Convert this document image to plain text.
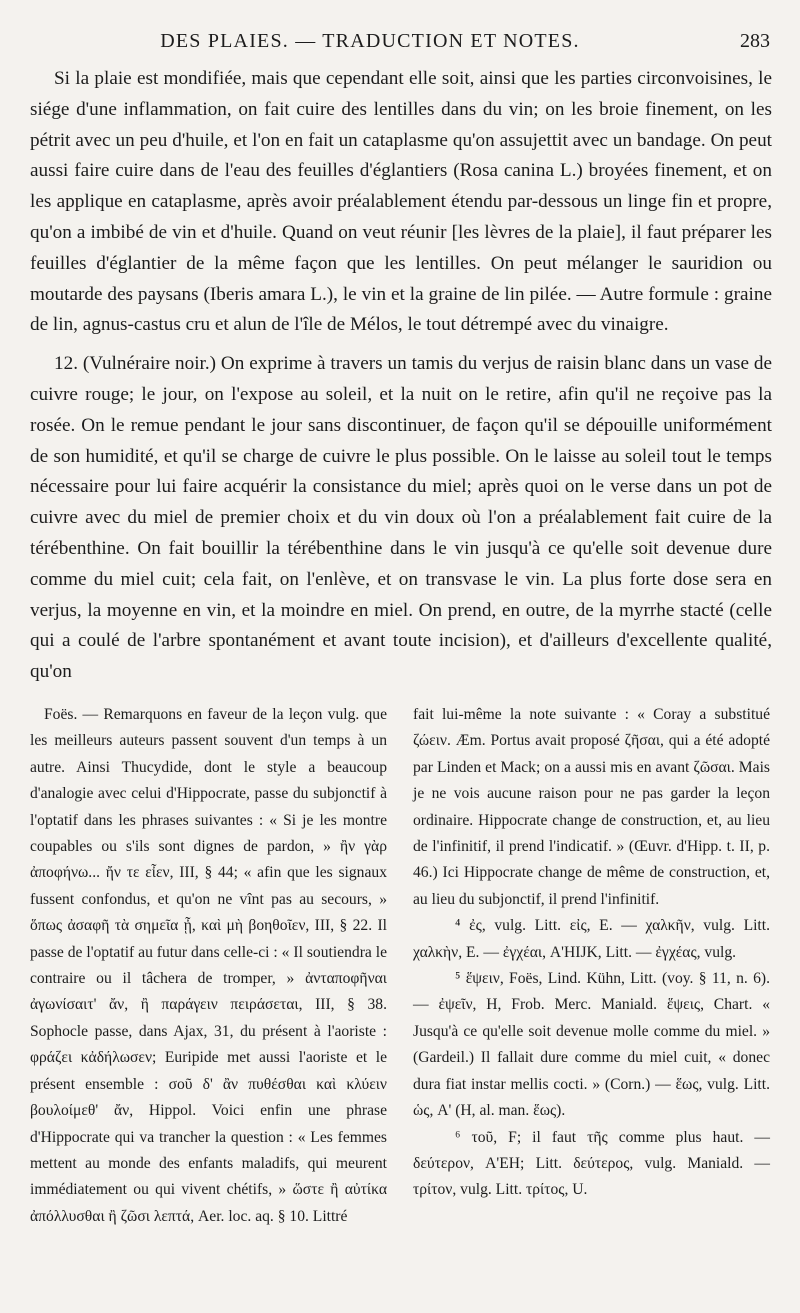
DES PLAIES. — TRADUCTION ET NOTES.	283

Si la plaie est mondifiée, mais que cependant elle soit, ainsi que les parties circonvoisines, le siége d'une inflammation, on fait cuire des lentilles dans du vin; on les broie finement, on les pétrit avec un peu d'huile, et l'on en fait un cataplasme qu'on assujettit avec un bandage. On peut aussi faire cuire dans de l'eau des feuilles d'églantiers (Rosa canina L.) broyées finement, et on les applique en cataplasme, après avoir préalablement étendu par-dessous un linge fin et propre, qu'on a imbibé de vin et d'huile. Quand on veut réunir [les lèvres de la plaie], il faut préparer les feuilles d'églantier de la même façon que les lentilles. On peut mélanger le sauridion ou moutarde des paysans (Iberis amara L.), le vin et la graine de lin pilée. — Autre formule : graine de lin, agnus-castus cru et alun de l'île de Mélos, le tout détrempé avec du vinaigre.

12. (Vulnéraire noir.) On exprime à travers un tamis du verjus de raisin blanc dans un vase de cuivre rouge; le jour, on l'expose au soleil, et la nuit on le retire, afin qu'il ne reçoive pas la rosée. On le remue pendant le jour sans discontinuer, de façon qu'il se dépouille uniformément de son humidité, et qu'il se charge de cuivre le plus possible. On le laisse au soleil tout le temps nécessaire pour lui faire acquérir la consistance du miel; après quoi on le verse dans un pot de cuivre avec du miel de premier choix et du vin doux où l'on a préalablement fait cuire de la térébenthine. On fait bouillir la térébenthine dans le vin jusqu'à ce qu'elle soit devenue dure comme du miel cuit; cela fait, on l'enlève, et on transvase le vin. La plus forte dose sera en verjus, la moyenne en vin, et la moindre en miel. On prend, en outre, de la myrrhe stacté (celle qui a coulé de l'arbre spontanément et avant toute incision), et d'ailleurs d'excellente qualité, qu'on

Foës. — Remarquons en faveur de la leçon vulg. que les meilleurs auteurs passent souvent d'un temps à un autre. Ainsi Thucydide, dont le style a beaucoup d'analogie avec celui d'Hippocrate, passe du subjonctif à l'optatif dans les phrases suivantes : « Si je les montre coupables ou s'ils sont dignes de pardon, » ἢν γὰρ ἀποφήνω... ἤν τε εἶεν, III, § 44; « afin que les signaux fussent confondus, et qu'on ne vînt pas au secours, » ὅπως ἀσαφῆ τὰ σημεῖα ᾖ, καὶ μὴ βοηθοῖεν, III, § 22. Il passe de l'optatif au futur dans celle-ci : « Il soutiendra le contraire ou il tâchera de tromper, » ἀνταποφῆναι ἀγωνίσαιτ' ἄν, ἢ παράγειν πειράσεται, III, § 38. Sophocle passe, dans Ajax, 31, du présent à l'aoriste : φράζει κἀδήλωσεν; Euripide met aussi l'aoriste et le présent ensemble : σοῦ δ' ἂν πυθέσθαι καὶ κλύειν βουλοίμεθ' ἄν, Hippol. Voici enfin une phrase d'Hippocrate qui va trancher la question : « Les femmes mettent au monde des enfants maladifs, qui meurent immédiatement ou qui vivent chétifs, » ὥστε ἢ αὐτίκα ἀπόλλυσθαι ἢ ζῶσι λεπτά, Aer. loc. aq. § 10. Littré

fait lui-même la note suivante : « Coray a substitué ζώειν. Æm. Portus avait proposé ζῆσαι, qui a été adopté par Linden et Mack; on a aussi mis en avant ζῶσαι. Mais je ne vois aucune raison pour ne pas garder la leçon ordinaire. Hippocrate change de construction, et, au lieu de l'infinitif, il prend l'indicatif. » (Œuvr. d'Hipp. t. II, p. 46.) Ici Hippocrate change de même de construction, et, au lieu du subjonctif, il prend l'infinitif.

⁴ ἐς, vulg. Litt. εἰς, E. — χαλκῆν, vulg. Litt. χαλκὴν, E. — ἐγχέαι, A'HIJK, Litt. — ἐγχέας, vulg.

⁵ ἕψειν, Foës, Lind. Kühn, Litt. (voy. § 11, n. 6). — ἐψεῖν, H, Frob. Merc. Maniald. ἕψεις, Chart. « Jusqu'à ce qu'elle soit devenue molle comme du miel. » (Gardeil.) Il fallait dure comme du miel cuit, « donec dura fiat instar mellis cocti. » (Corn.) — ἕως, vulg. Litt. ὡς, A' (H, al. man. ἕως).

⁶ τοῦ, F; il faut τῆς comme plus haut. — δεύτερον, A'EH; Litt. δεύτερος, vulg. Maniald. — τρίτον, vulg. Litt. τρίτος, U.
